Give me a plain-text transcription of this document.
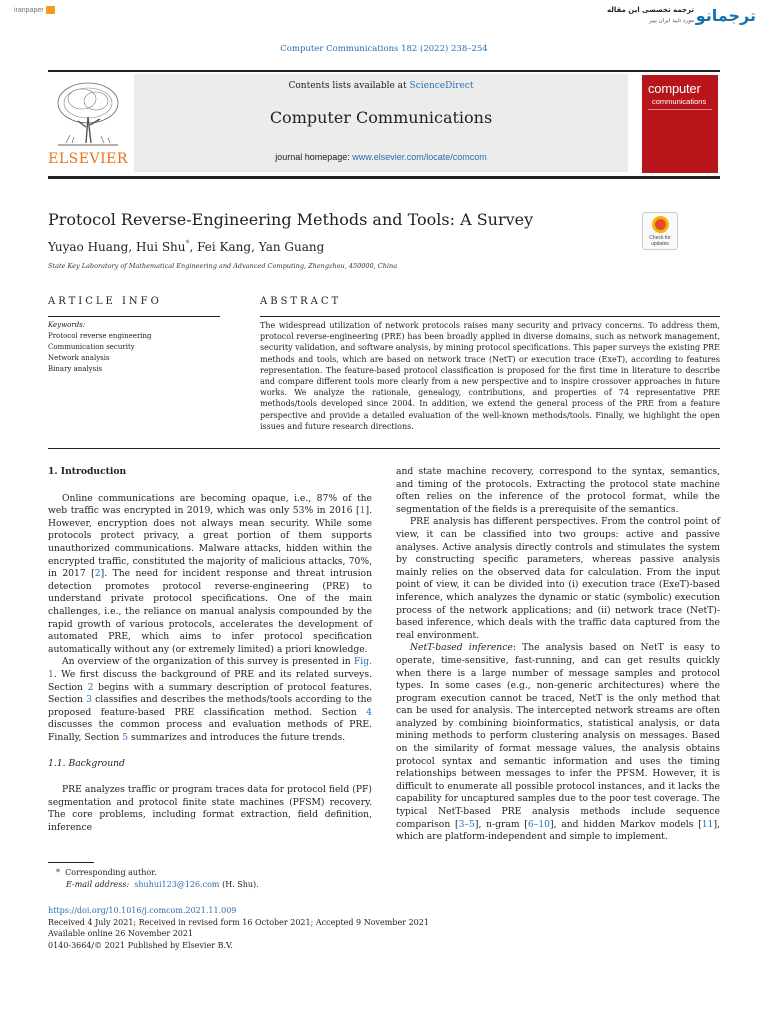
iranpaper	ترجمه تخصصی این مقاله
مورد تایید ایران پیپر ترجمانو
Computer Communications 182 (2022) 238–254
Contents lists available at ScienceDirect
Computer Communications
journal homepage: www.elsevier.com/locate/comcom
ELSEVIER
computer
communications
Protocol Reverse-Engineering Methods and Tools: A Survey
Yuyao Huang, Hui Shu*, Fei Kang, Yan Guang
State Key Laboratory of Mathematical Engineering and Advanced Computing, Zhengzhou, 450000, China
Check for updates
ARTICLE INFO	ABSTRACT
Keywords:
Protocol reverse engineering
Communication security
Network analysis
Binary analysis
The widespread utilization of network protocols raises many security and privacy concerns. To address them, protocol reverse-engineering (PRE) has been broadly applied in diverse domains, such as network management, security validation, and software analysis, by mining protocol specifications. This paper surveys the existing PRE methods and tools, which are based on network trace (NetT) or execution trace (ExeT), according to features representation. The feature-based protocol classification is proposed for the first time in literature to describe and compare different tools more clearly from a new perspective and to inspire crossover approaches in future works. We analyze the rationale, genealogy, contributions, and properties of 74 representative PRE methods/tools developed since 2004. In addition, we extend the general process of the PRE from a feature perspective and provide a detailed evaluation of the well-known methods/tools. Finally, we highlight the open issues and future research directions.
1. Introduction

Online communications are becoming opaque, i.e., 87% of the web traffic was encrypted in 2019, which was only 53% in 2016 [1]. However, encryption does not always mean security. While some protocols protect privacy, a great portion of them supports unauthorized communications. Malware attacks, hidden within the encrypted traffic, constituted the majority of malicious attacks, 70%, in 2017 [2]. The need for incident response and threat intrusion detection promotes protocol reverse-engineering (PRE) to understand private protocol specifications. One of the main challenges, i.e., the reliance on manual analysis compounded by the rapid growth of various protocols, accelerates the development of automated PRE, which aims to infer protocol specification automatically without any (or extremely limited) a priori knowledge.

An overview of the organization of this survey is presented in Fig. 1. We first discuss the background of PRE and its related surveys. Section 2 begins with a summary description of protocol features. Section 3 classifies and describes the methods/tools according to the proposed feature-based PRE classification method. Section 4 discusses the common process and evaluation methods of PRE. Finally, Section 5 summarizes and introduces the future trends.

1.1. Background

PRE analyzes traffic or program traces data for protocol field (PF) segmentation and protocol finite state machines (PFSM) recovery. The core problems, including format extraction, field definition, inference

and state machine recovery, correspond to the syntax, semantics, and timing of the protocols. Extracting the protocol state machine often relies on the inference of the protocol format, while the segmentation of the fields is a prerequisite of the semantics.

PRE analysis has different perspectives. From the control point of view, it can be classified into two groups: active and passive analyses. Active analysis directly controls and stimulates the system by constructing specific parameters, whereas passive analysis mainly relies on the observed data for calculation. From the input point of view, it can be divided into (i) execution trace (ExeT)-based inference, which analyzes the dynamic or static (symbolic) execution process of the network applications; and (ii) network trace (NetT)-based inference, which deals with the traffic data captured from the real environment.

NetT-based inference: The analysis based on NetT is easy to operate, time-sensitive, fast-running, and can get results quickly when there is a large number of message samples and protocol types. In some cases (e.g., non-generic architectures) where the program execution cannot be traced, NetT is the only method that can be used for analysis. The intercepted network streams are often analyzed by combining bioinformatics, statistical analysis, or data mining methods to perform clustering analysis on messages. Based on the similarity of format message values, the analysis obtains protocol syntax and semantic information and uses the timing relationships between messages to infer the PFSM. However, it is difficult to enumerate all possible protocol instances, and it lacks the capability for uncaptured samples due to the poor test coverage. The typical NetT-based PRE analysis methods include sequence comparison [3–5], n-gram [6–10], and hidden Markov models [11], which are platform-independent and simple to implement.

* Corresponding author.
E-mail address: shuhui123@126.com (H. Shu).
https://doi.org/10.1016/j.comcom.2021.11.009
Received 4 July 2021; Received in revised form 16 October 2021; Accepted 9 November 2021
Available online 26 November 2021
0140-3664/© 2021 Published by Elsevier B.V.
